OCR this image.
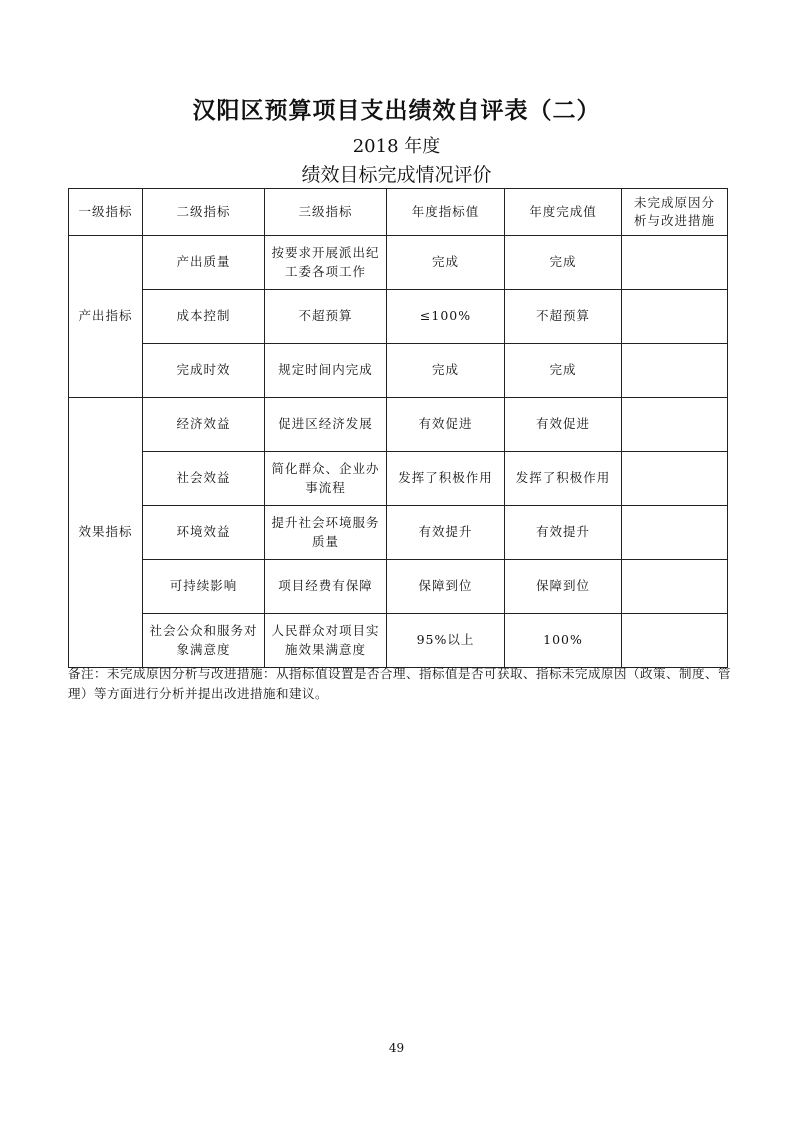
汉阳区预算项目支出绩效自评表（二）
2018 年度
绩效目标完成情况评价
一级指标	二级指标	三级指标	年度指标值	年度完成值	未完成原因分析与改进措施
产出指标	产出质量	按要求开展派出纪工委各项工作	完成	完成	
	成本控制	不超预算	≤100%	不超预算	
	完成时效	规定时间内完成	完成	完成	
效果指标	经济效益	促进区经济发展	有效促进	有效促进	
	社会效益	简化群众、企业办事流程	发挥了积极作用	发挥了积极作用	
	环境效益	提升社会环境服务质量	有效提升	有效提升	
	可持续影响	项目经费有保障	保障到位	保障到位	
	社会公众和服务对象满意度	人民群众对项目实施效果满意度	95%以上	100%	
备注：未完成原因分析与改进措施：从指标值设置是否合理、指标值是否可获取、指标未完成原因（政策、制度、管理）等方面进行分析并提出改进措施和建议。
49
